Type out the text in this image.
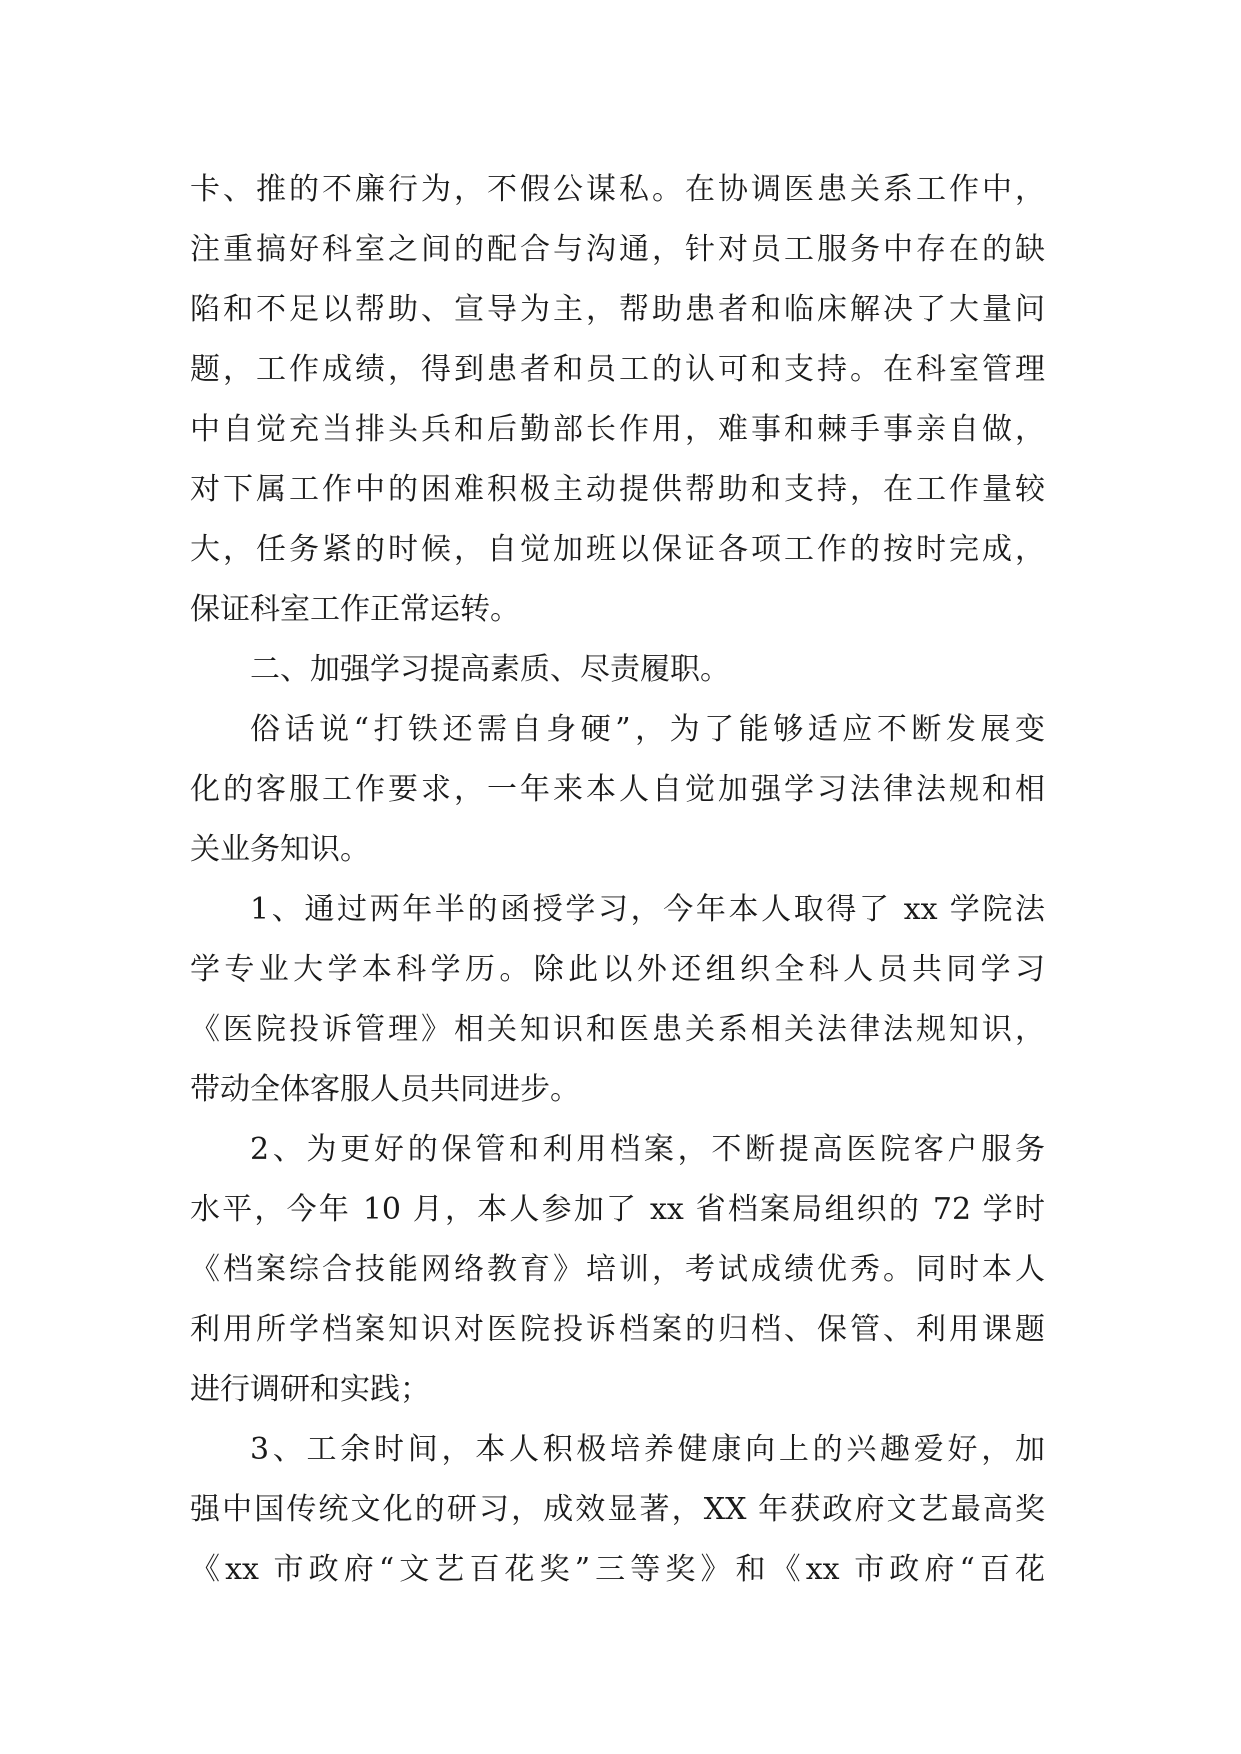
卡、推的不廉行为，不假公谋私。在协调医患关系工作中，
注重搞好科室之间的配合与沟通，针对员工服务中存在的缺
陷和不足以帮助、宣导为主，帮助患者和临床解决了大量问
题，工作成绩，得到患者和员工的认可和支持。在科室管理
中自觉充当排头兵和后勤部长作用，难事和棘手事亲自做，
对下属工作中的困难积极主动提供帮助和支持，在工作量较
大，任务紧的时候，自觉加班以保证各项工作的按时完成，
保证科室工作正常运转。
二、加强学习提高素质、尽责履职。
俗话说“打铁还需自身硬”，为了能够适应不断发展变
化的客服工作要求，一年来本人自觉加强学习法律法规和相
关业务知识。
1、通过两年半的函授学习，今年本人取得了 xx 学院法
学专业大学本科学历。除此以外还组织全科人员共同学习
《医院投诉管理》相关知识和医患关系相关法律法规知识，
带动全体客服人员共同进步。
2、为更好的保管和利用档案，不断提高医院客户服务
水平，今年 10 月，本人参加了 xx 省档案局组织的 72 学时
《档案综合技能网络教育》培训，考试成绩优秀。同时本人
利用所学档案知识对医院投诉档案的归档、保管、利用课题
进行调研和实践；
3、工余时间，本人积极培养健康向上的兴趣爱好，加
强中国传统文化的研习，成效显著，XX 年获政府文艺最高奖
《xx 市政府“文艺百花奖”三等奖》和《xx 市政府“百花
